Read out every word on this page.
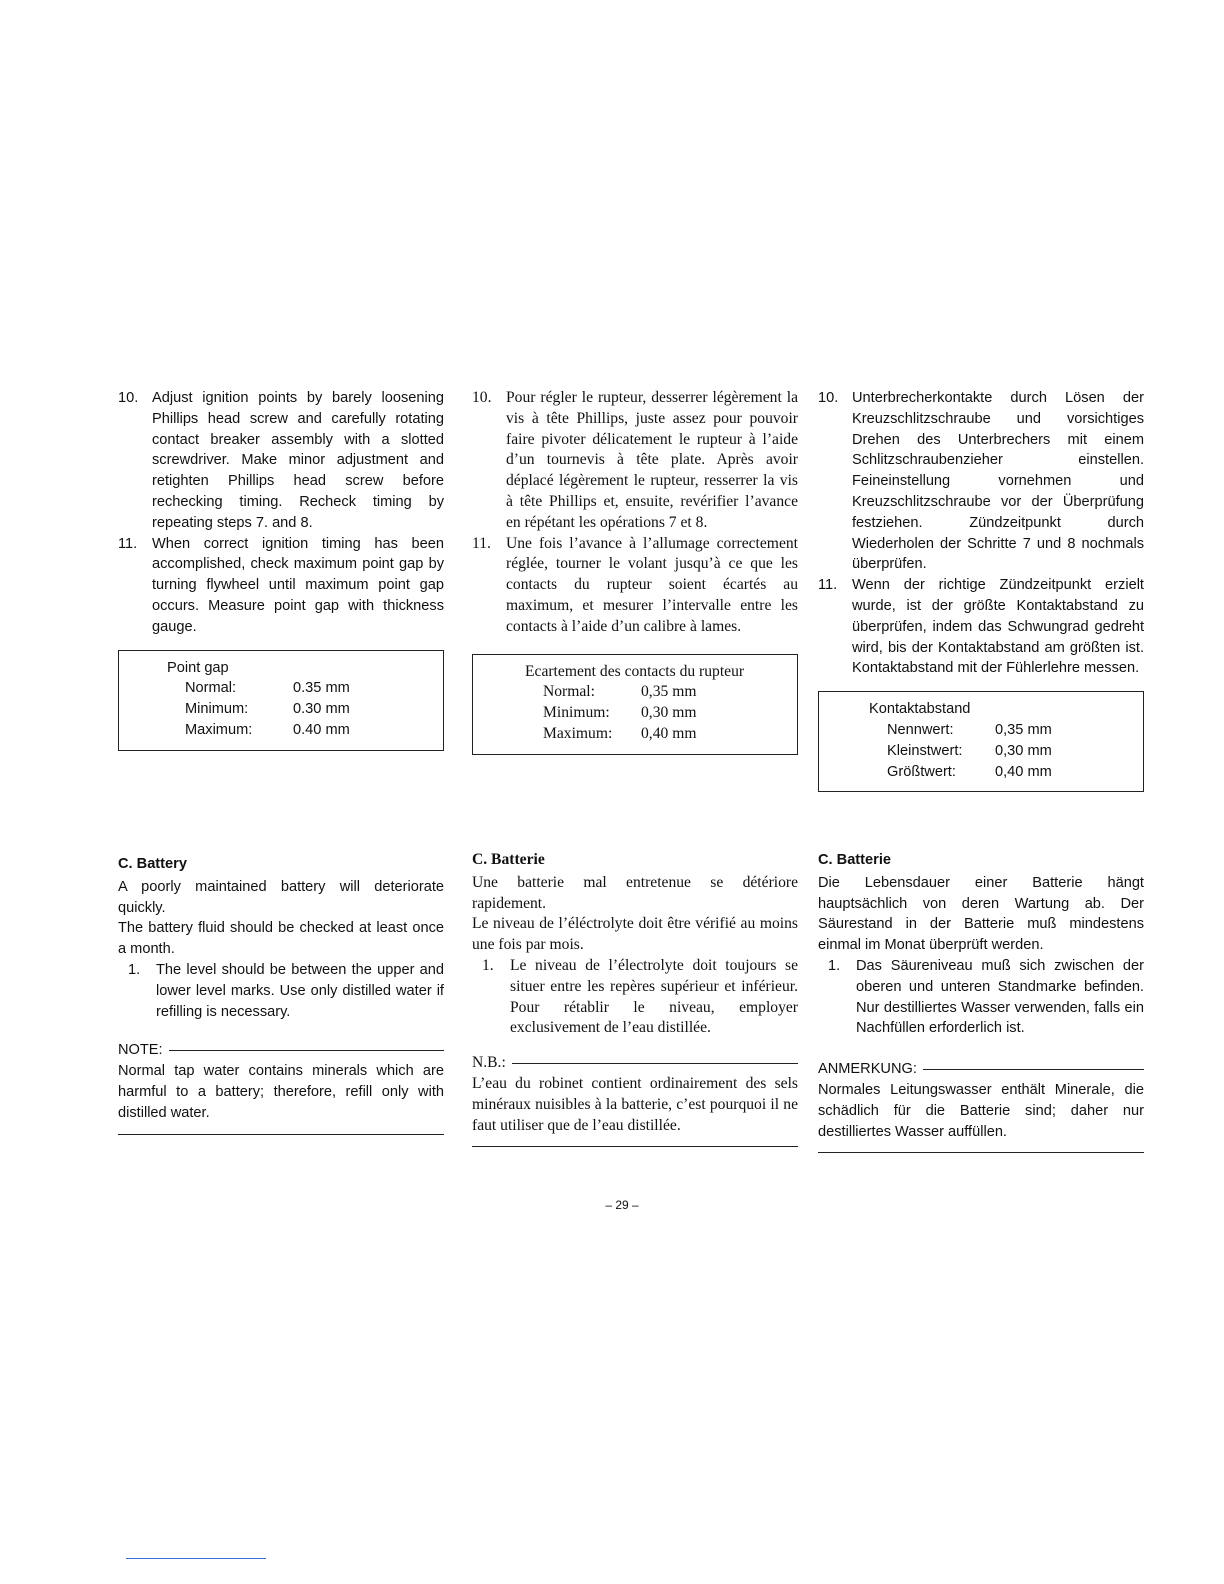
10. Adjust ignition points by barely loosening Phillips head screw and carefully rotating contact breaker assembly with a slotted screwdriver. Make minor adjustment and retighten Phillips head screw before rechecking timing. Recheck timing by repeating steps 7. and 8.
11. When correct ignition timing has been accomplished, check maximum point gap by turning flywheel until maximum point gap occurs. Measure point gap with thickness gauge.
Point gap
Normal:	0.35 mm
Minimum:	0.30 mm
Maximum:	0.40 mm
10. Pour régler le rupteur, desserrer légèrement la vis à tête Phillips, juste assez pour pouvoir faire pivoter délicatement le rupteur à l’aide d’un tournevis à tête plate. Après avoir déplacé légèrement le rupteur, resserrer la vis à tête Phillips et, ensuite, revérifier l’avance en répétant les opérations 7 et 8.
11. Une fois l’avance à l’allumage correctement réglée, tourner le volant jusqu’à ce que les contacts du rupteur soient écartés au maximum, et mesurer l’intervalle entre les contacts à l’aide d’un calibre à lames.
Ecartement des contacts du rupteur
Normal:	0,35 mm
Minimum:	0,30 mm
Maximum:	0,40 mm
10. Unterbrecherkontakte durch Lösen der Kreuzschlitzschraube und vorsichtiges Drehen des Unterbrechers mit einem Schlitzschraubenzieher einstellen. Feineinstellung vornehmen und Kreuzschlitzschraube vor der Überprüfung festziehen. Zündzeitpunkt durch Wiederholen der Schritte 7 und 8 nochmals überprüfen.
11. Wenn der richtige Zündzeitpunkt erzielt wurde, ist der größte Kontaktabstand zu überprüfen, indem das Schwungrad gedreht wird, bis der Kontaktabstand am größten ist. Kontaktabstand mit der Fühlerlehre messen.
Kontaktabstand
Nennwert:	0,35 mm
Kleinstwert:	0,30 mm
Größtwert:	0,40 mm
C. Battery
A poorly maintained battery will deteriorate quickly.
The battery fluid should be checked at least once a month.
1. The level should be between the upper and lower level marks. Use only distilled water if refilling is necessary.
NOTE:
Normal tap water contains minerals which are harmful to a battery; therefore, refill only with distilled water.
C. Batterie
Une batterie mal entretenue se détériore rapidement.
Le niveau de l’éléctrolyte doit être vérifié au moins une fois par mois.
1. Le niveau de l’électrolyte doit toujours se situer entre les repères supérieur et inférieur. Pour rétablir le niveau, employer exclusivement de l’eau distillée.
N.B.:
L’eau du robinet contient ordinairement des sels minéraux nuisibles à la batterie, c’est pourquoi il ne faut utiliser que de l’eau distillée.
C. Batterie
Die Lebensdauer einer Batterie hängt hauptsächlich von deren Wartung ab. Der Säurestand in der Batterie muß mindestens einmal im Monat überprüft werden.
1. Das Säureniveau muß sich zwischen der oberen und unteren Standmarke befinden. Nur destilliertes Wasser verwenden, falls ein Nachfüllen erforderlich ist.
ANMERKUNG:
Normales Leitungswasser enthält Minerale, die schädlich für die Batterie sind; daher nur destilliertes Wasser auffüllen.
– 29 –
